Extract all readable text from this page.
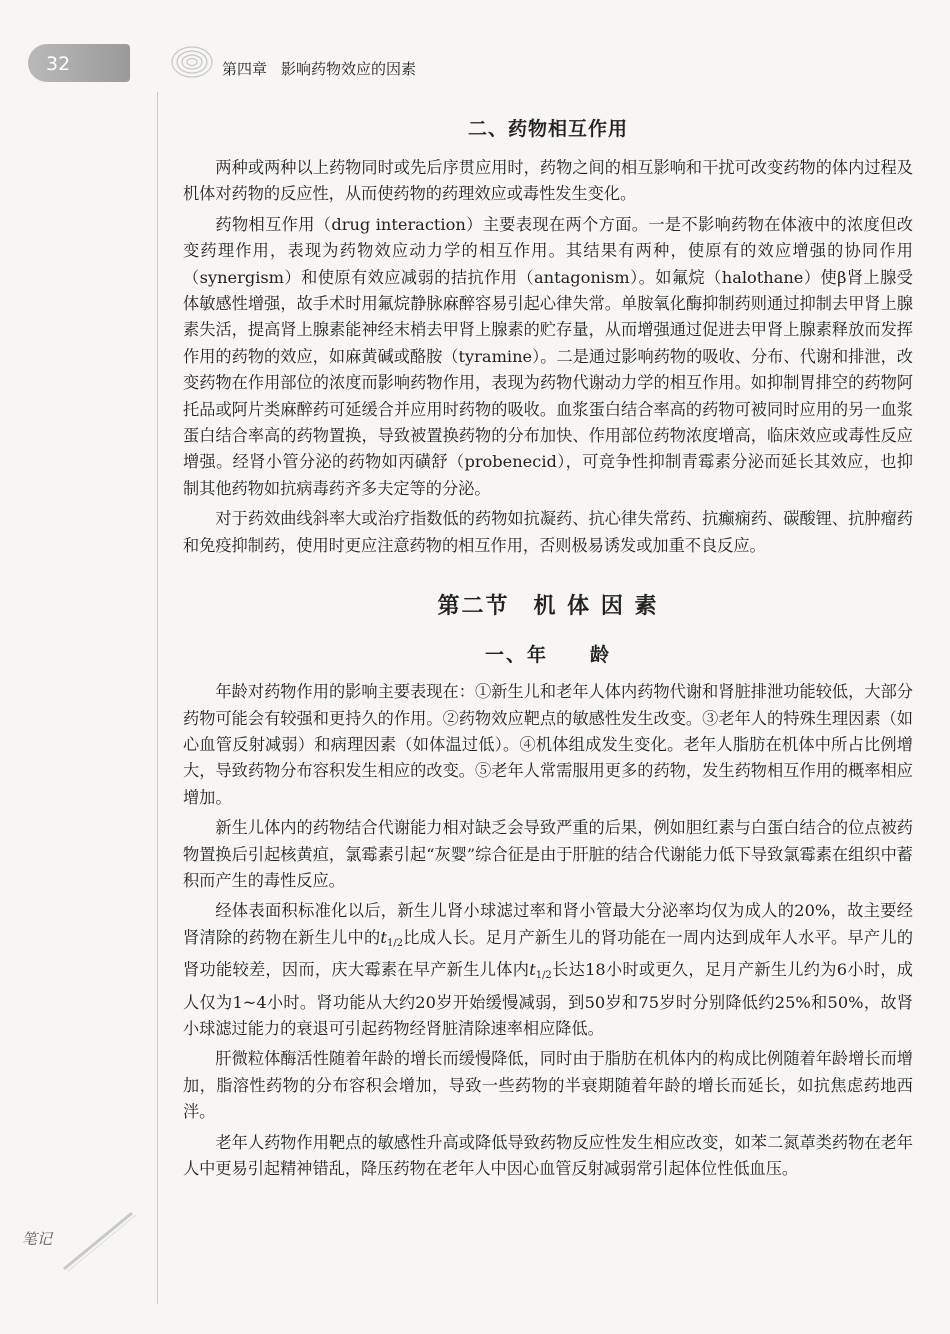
32	第四章 影响药物效应的因素
二、药物相互作用

两种或两种以上药物同时或先后序贯应用时，药物之间的相互影响和干扰可改变药物的体内过程及机体对药物的反应性，从而使药物的药理效应或毒性发生变化。

药物相互作用（drug interaction）主要表现在两个方面。一是不影响药物在体液中的浓度但改变药理作用，表现为药物效应动力学的相互作用。其结果有两种，使原有的效应增强的协同作用（synergism）和使原有效应减弱的拮抗作用（antagonism）。如氟烷（halothane）使β肾上腺受体敏感性增强，故手术时用氟烷静脉麻醉容易引起心律失常。单胺氧化酶抑制药则通过抑制去甲肾上腺素失活，提高肾上腺素能神经末梢去甲肾上腺素的贮存量，从而增强通过促进去甲肾上腺素释放而发挥作用的药物的效应，如麻黄碱或酪胺（tyramine）。二是通过影响药物的吸收、分布、代谢和排泄，改变药物在作用部位的浓度而影响药物作用，表现为药物代谢动力学的相互作用。如抑制胃排空的药物阿托品或阿片类麻醉药可延缓合并应用时药物的吸收。血浆蛋白结合率高的药物可被同时应用的另一血浆蛋白结合率高的药物置换，导致被置换药物的分布加快、作用部位药物浓度增高，临床效应或毒性反应增强。经肾小管分泌的药物如丙磺舒（probenecid），可竞争性抑制青霉素分泌而延长其效应，也抑制其他药物如抗病毒药齐多夫定等的分泌。

对于药效曲线斜率大或治疗指数低的药物如抗凝药、抗心律失常药、抗癫痫药、碳酸锂、抗肿瘤药和免疫抑制药，使用时更应注意药物的相互作用，否则极易诱发或加重不良反应。

第二节　机 体 因 素
一、年　　龄

年龄对药物作用的影响主要表现在：①新生儿和老年人体内药物代谢和肾脏排泄功能较低，大部分药物可能会有较强和更持久的作用。②药物效应靶点的敏感性发生改变。③老年人的特殊生理因素（如心血管反射减弱）和病理因素（如体温过低）。④机体组成发生变化。老年人脂肪在机体中所占比例增大，导致药物分布容积发生相应的改变。⑤老年人常需服用更多的药物，发生药物相互作用的概率相应增加。

新生儿体内的药物结合代谢能力相对缺乏会导致严重的后果，例如胆红素与白蛋白结合的位点被药物置换后引起核黄疸，氯霉素引起“灰婴”综合征是由于肝脏的结合代谢能力低下导致氯霉素在组织中蓄积而产生的毒性反应。

经体表面积标准化以后，新生儿肾小球滤过率和肾小管最大分泌率均仅为成人的20%，故主要经肾清除的药物在新生儿中的$t_{1/2}$比成人长。足月产新生儿的肾功能在一周内达到成年人水平。早产儿的肾功能较差，因而，庆大霉素在早产新生儿体内$t_{1/2}$长达18小时或更久，足月产新生儿约为6小时，成人仅为1~4小时。肾功能从大约20岁开始缓慢减弱，到50岁和75岁时分别降低约25%和50%，故肾小球滤过能力的衰退可引起药物经肾脏清除速率相应降低。

肝微粒体酶活性随着年龄的增长而缓慢降低，同时由于脂肪在机体内的构成比例随着年龄增长而增加，脂溶性药物的分布容积会增加，导致一些药物的半衰期随着年龄的增长而延长，如抗焦虑药地西泮。

老年人药物作用靶点的敏感性升高或降低导致药物反应性发生相应改变，如苯二氮䓬类药物在老年人中更易引起精神错乱，降压药物在老年人中因心血管反射减弱常引起体位性低血压。

笔记
